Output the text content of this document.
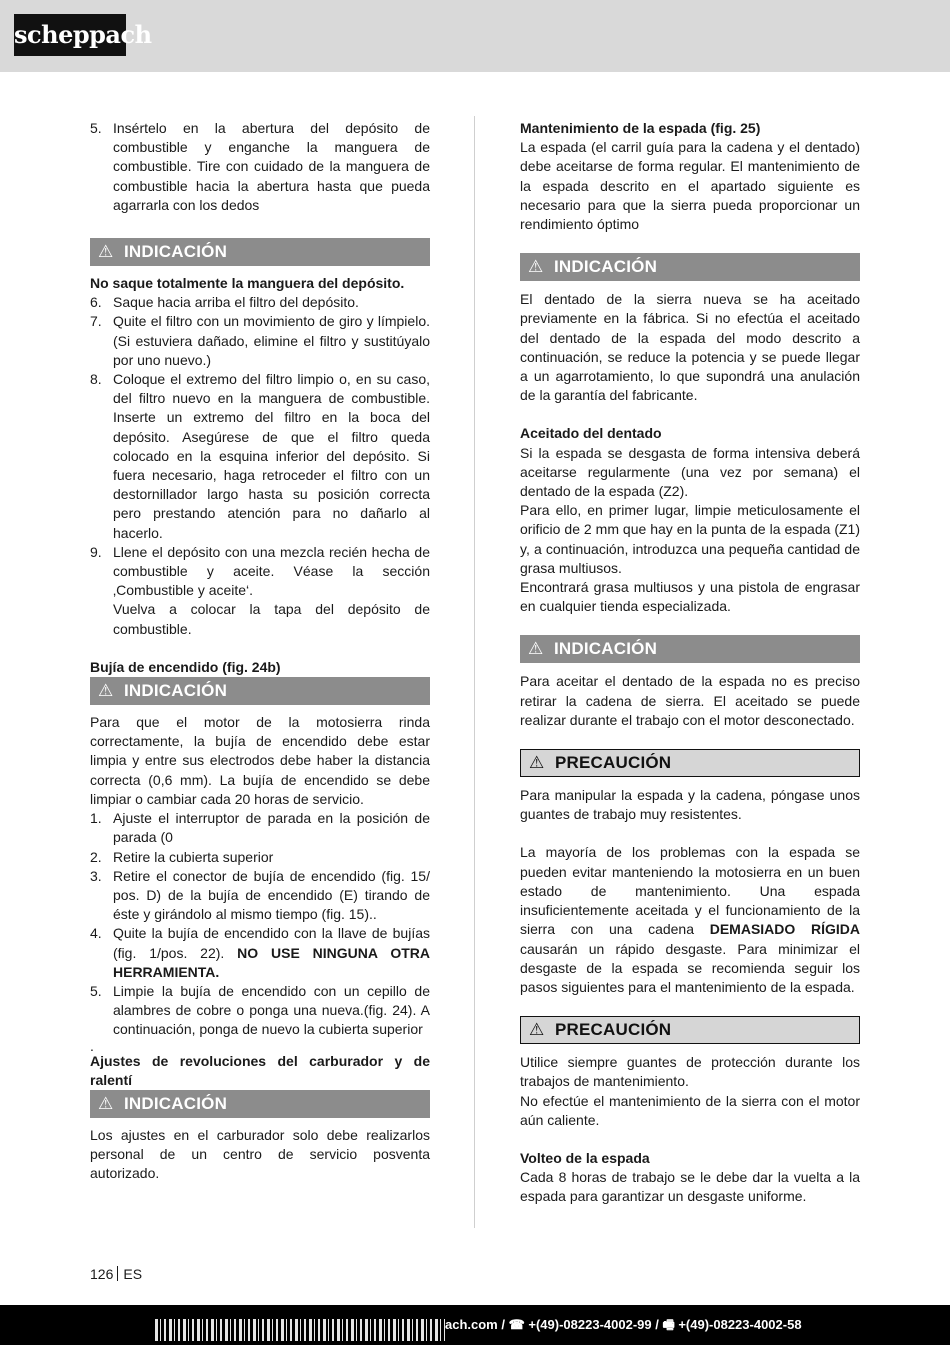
scheppach
5. Insértelo en la abertura del depósito de combustible y enganche la manguera de combustible. Tire con cuidado de la manguera de combustible hacia la abertura hasta que pueda agarrarla con los dedos
⚠ INDICACIÓN

No saque totalmente la manguera del depósito.

6. Saque hacia arriba el filtro del depósito.
7. Quite el filtro con un movimiento de giro y límpielo. (Si estuviera dañado, elimine el filtro y sustitúyalo por uno nuevo.)
8. Coloque el extremo del filtro limpio o, en su caso, del filtro nuevo en la manguera de combustible. Inserte un extremo del filtro en la boca del depósito. Asegúrese de que el filtro queda colocado en la esquina inferior del depósito. Si fuera necesario, haga retroceder el filtro con un destornillador largo hasta su posición correcta pero prestando atención para no dañarlo al hacerlo.
9. Llene el depósito con una mezcla recién hecha de combustible y aceite. Véase la sección ‚Combustible y aceite‘.

Vuelva a colocar la tapa del depósito de combustible.

Bujía de encendido (fig. 24b)

⚠ INDICACIÓN

Para que el motor de la motosierra rinda correctamente, la bujía de encendido debe estar limpia y entre sus electrodos debe haber la distancia correcta (0,6 mm). La bujía de encendido se debe limpiar o cambiar cada 20 horas de servicio.

1. Ajuste el interruptor de parada en la posición de parada (0
2. Retire la cubierta superior
3. Retire el conector de bujía de encendido (fig. 15/ pos. D) de la bujía de encendido (E) tirando de éste y girándolo al mismo tiempo (fig. 15)..
4. Quite la bujía de encendido con la llave de bujías (fig. 1/pos. 22). NO USE NINGUNA OTRA HERRAMIENTA.
5. Limpie la bujía de encendido con un cepillo de alambres de cobre o ponga una nueva.(fig. 24). A continuación, ponga de nuevo la cubierta superior

.

Ajustes de revoluciones del carburador y de ralentí

⚠ INDICACIÓN

Los ajustes en el carburador solo debe realizarlos personal de un centro de servicio posventa autorizado.

Mantenimiento de la espada (fig. 25)

La espada (el carril guía para la cadena y el dentado) debe aceitarse de forma regular. El mantenimiento de la espada descrito en el apartado siguiente es necesario para que la sierra pueda proporcionar un rendimiento óptimo

⚠ INDICACIÓN

El dentado de la sierra nueva se ha aceitado previamente en la fábrica. Si no efectúa el aceitado del dentado de la espada del modo descrito a continuación, se reduce la potencia y se puede llegar a un agarrotamiento, lo que supondrá una anulación de la garantía del fabricante.

Aceitado del dentado

Si la espada se desgasta de forma intensiva deberá aceitarse regularmente (una vez por semana) el dentado de la espada (Z2).

Para ello, en primer lugar, limpie meticulosamente el orificio de 2 mm que hay en la punta de la espada (Z1) y, a continuación, introduzca una pequeña cantidad de grasa multiusos.

Encontrará grasa multiusos y una pistola de engrasar en cualquier tienda especializada.

⚠ INDICACIÓN

Para aceitar el dentado de la espada no es preciso retirar la cadena de sierra. El aceitado se puede realizar durante el trabajo con el motor desconectado.

⚠ PRECAUCIÓN

Para manipular la espada y la cadena, póngase unos guantes de trabajo muy resistentes.

La mayoría de los problemas con la espada se pueden evitar manteniendo la motosierra en un buen estado de mantenimiento. Una espada insuficientemente aceitada y el funcionamiento de la sierra con una cadena DEMASIADO RÍGIDA causarán un rápido desgaste. Para minimizar el desgaste de la espada se recomienda seguir los pasos siguientes para el mantenimiento de la espada.

⚠ PRECAUCIÓN

Utilice siempre guantes de protección durante los trabajos de mantenimiento.

No efectúe el mantenimiento de la sierra con el motor aún caliente.

Volteo de la espada

Cada 8 horas de trabajo se le debe dar la vuelta a la espada para garantizar un desgaste uniforme.

126 ES
ach.com / ☎ +(49)-08223-4002-99 / 🖷 +(49)-08223-4002-58
